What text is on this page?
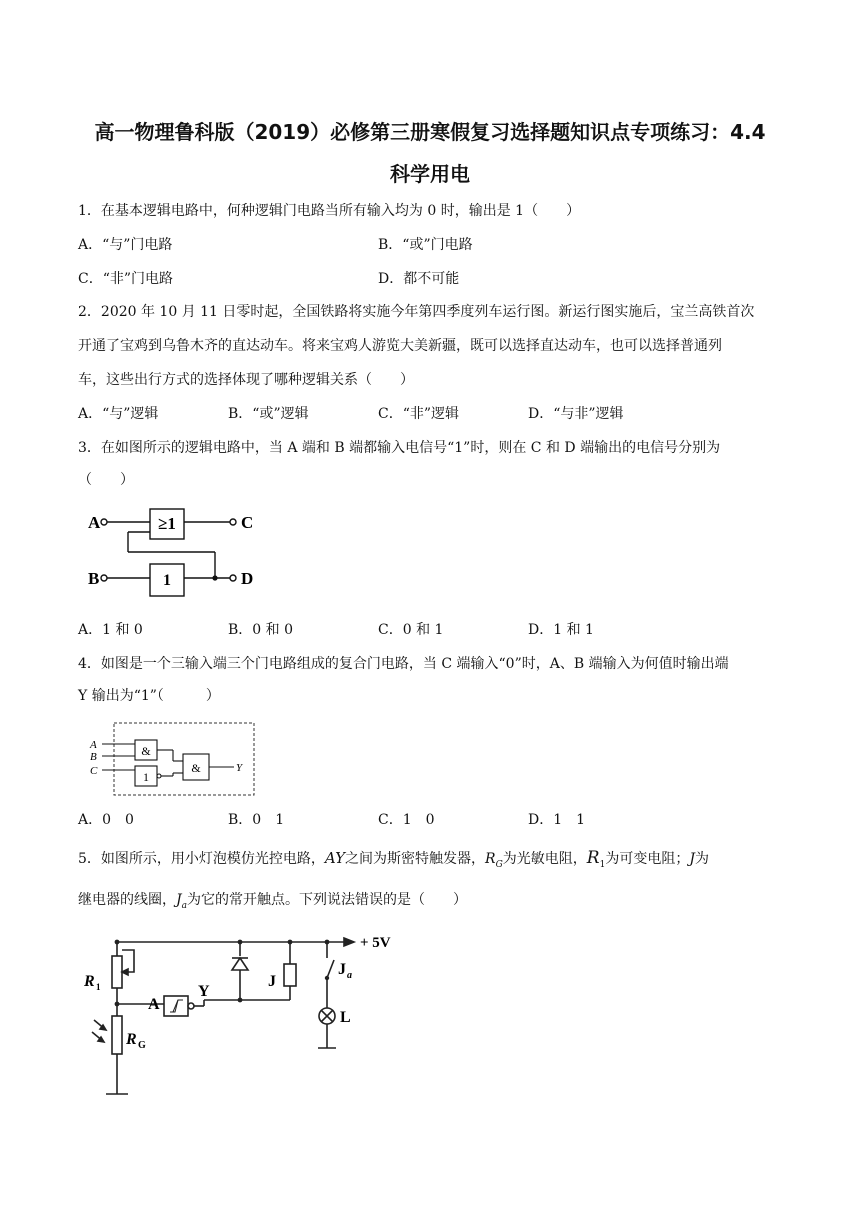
高一物理鲁科版（2019）必修第三册寒假复习选择题知识点专项练习：4.4
科学用电
1．在基本逻辑电路中，何种逻辑门电路当所有输入均为 0 时，输出是 1（　　）
A．“与”门电路	B．“或”门电路
C．“非”门电路	D．都不可能
2．2020 年 10 月 11 日零时起，全国铁路将实施今年第四季度列车运行图。新运行图实施后，宝兰高铁首次
开通了宝鸡到乌鲁木齐的直达动车。将来宝鸡人游览大美新疆，既可以选择直达动车，也可以选择普通列
车，这些出行方式的选择体现了哪种逻辑关系（　　）
A．“与”逻辑	B．“或”逻辑	C．“非”逻辑	D．“与非”逻辑
3．在如图所示的逻辑电路中，当 A 端和 B 端都输入电信号“1”时，则在 C 和 D 端输出的电信号分别为
（　　）
A
B
C
D
≥1
1
A．1 和 0	B．0 和 0	C．0 和 1	D．1 和 1
4．如图是一个三输入端三个门电路组成的复合门电路，当 C 端输入“0”时，A、B 端输入为何值时输出端
Y 输出为“1”（　　　）
A
B
C	Y
&
1
&
A．0　0	B．0　1	C．1　0	D．1　1
5．如图所示，用小灯泡模仿光控电路，AY之间为斯密特触发器，$R_G$为光敏电阻，$R_1$为可变电阻；J为
继电器的线圈，$J_a$为它的常开触点。下列说法错误的是（　　）
+ 5V
R 1
R G
A
Y
J
J a
L
